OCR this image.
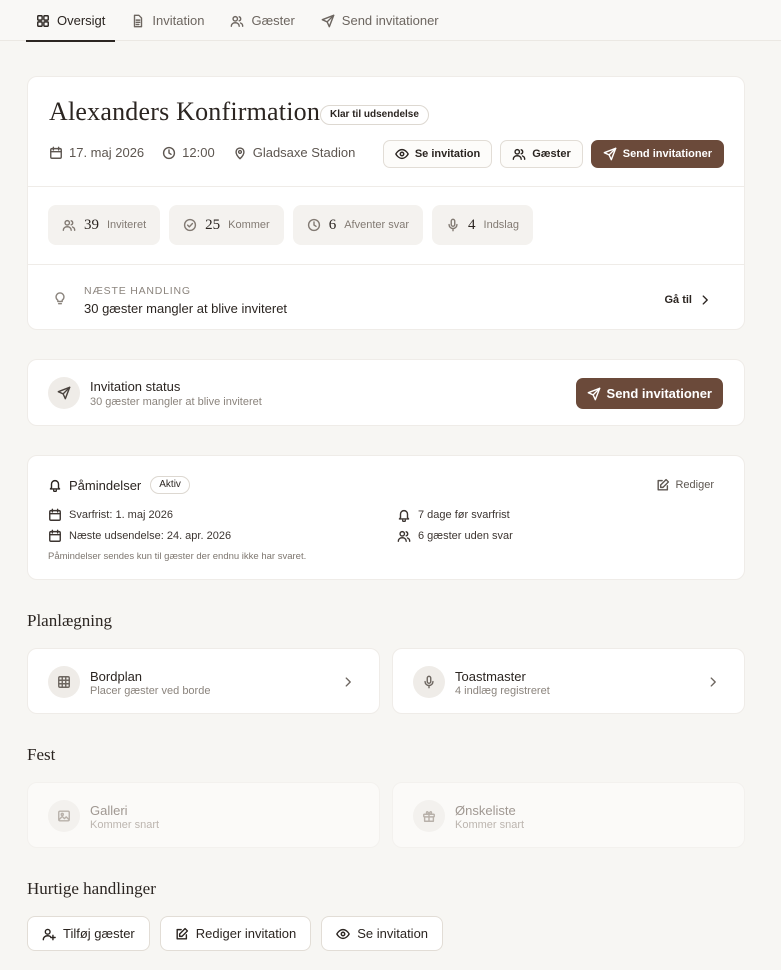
Oversigt	Invitation	Gæster	Send invitationer
Alexanders Konfirmation Klar til udsendelse
17. maj 2026	12:00	Gladsaxe Stadion	Se invitation	Gæster	Send invitationer
39 Inviteret	25 Kommer	6 Afventer svar	4 Indslag
NÆSTE HANDLING
30 gæster mangler at blive inviteret
Gå til
Invitation status
30 gæster mangler at blive inviteret
Send invitationer
Påmindelser	Aktiv	Rediger
Svarfrist: 1. maj 2026
Næste udsendelse: 24. apr. 2026
7 dage før svarfrist
6 gæster uden svar
Påmindelser sendes kun til gæster der endnu ikke har svaret.
Planlægning
Bordplan
Placer gæster ved borde
Toastmaster
4 indlæg registreret
Fest
Galleri
Kommer snart
Ønskeliste
Kommer snart
Hurtige handlinger
Tilføj gæster	Rediger invitation	Se invitation
